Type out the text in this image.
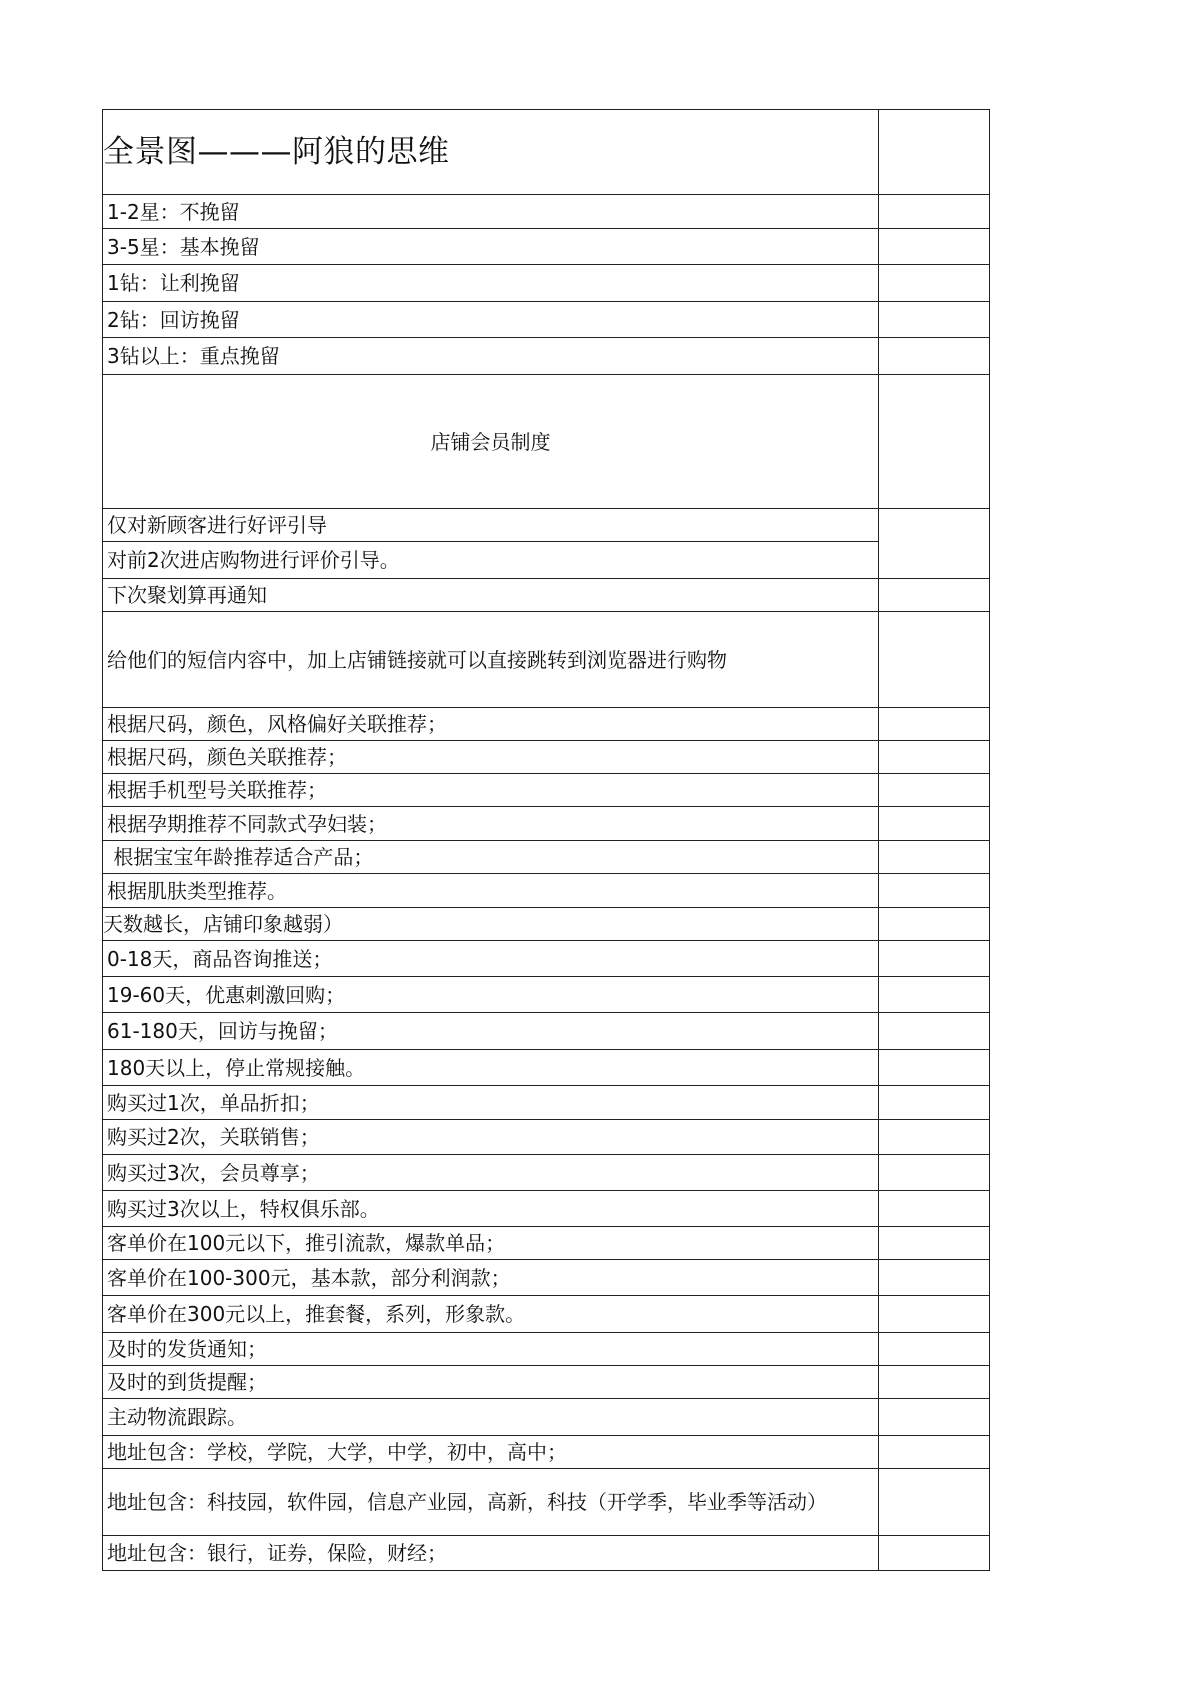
全景图———阿狼的思维	
1-2星：不挽留	
3-5星：基本挽留	
1钻：让利挽留	
2钻：回访挽留	
3钻以上：重点挽留	
店铺会员制度	
仅对新顾客进行好评引导	
对前2次进店购物进行评价引导。	
下次聚划算再通知	
给他们的短信内容中，加上店铺链接就可以直接跳转到浏览器进行购物	
根据尺码，颜色，风格偏好关联推荐；	
根据尺码，颜色关联推荐；	
根据手机型号关联推荐；	
根据孕期推荐不同款式孕妇装；	
根据宝宝年龄推荐适合产品；	
根据肌肤类型推荐。	
天数越长，店铺印象越弱）	
0-18天，商品咨询推送；	
19-60天，优惠刺激回购；	
61-180天，回访与挽留；	
180天以上，停止常规接触。	
购买过1次，单品折扣；	
购买过2次，关联销售；	
购买过3次，会员尊享；	
购买过3次以上，特权俱乐部。	
客单价在100元以下，推引流款，爆款单品；	
客单价在100-300元，基本款，部分利润款；	
客单价在300元以上，推套餐，系列，形象款。	
及时的发货通知；	
及时的到货提醒；	
主动物流跟踪。	
地址包含：学校，学院，大学，中学，初中，高中；	
地址包含：科技园，软件园，信息产业园，高新，科技（开学季，毕业季等活动）	
地址包含：银行，证券，保险，财经；	
